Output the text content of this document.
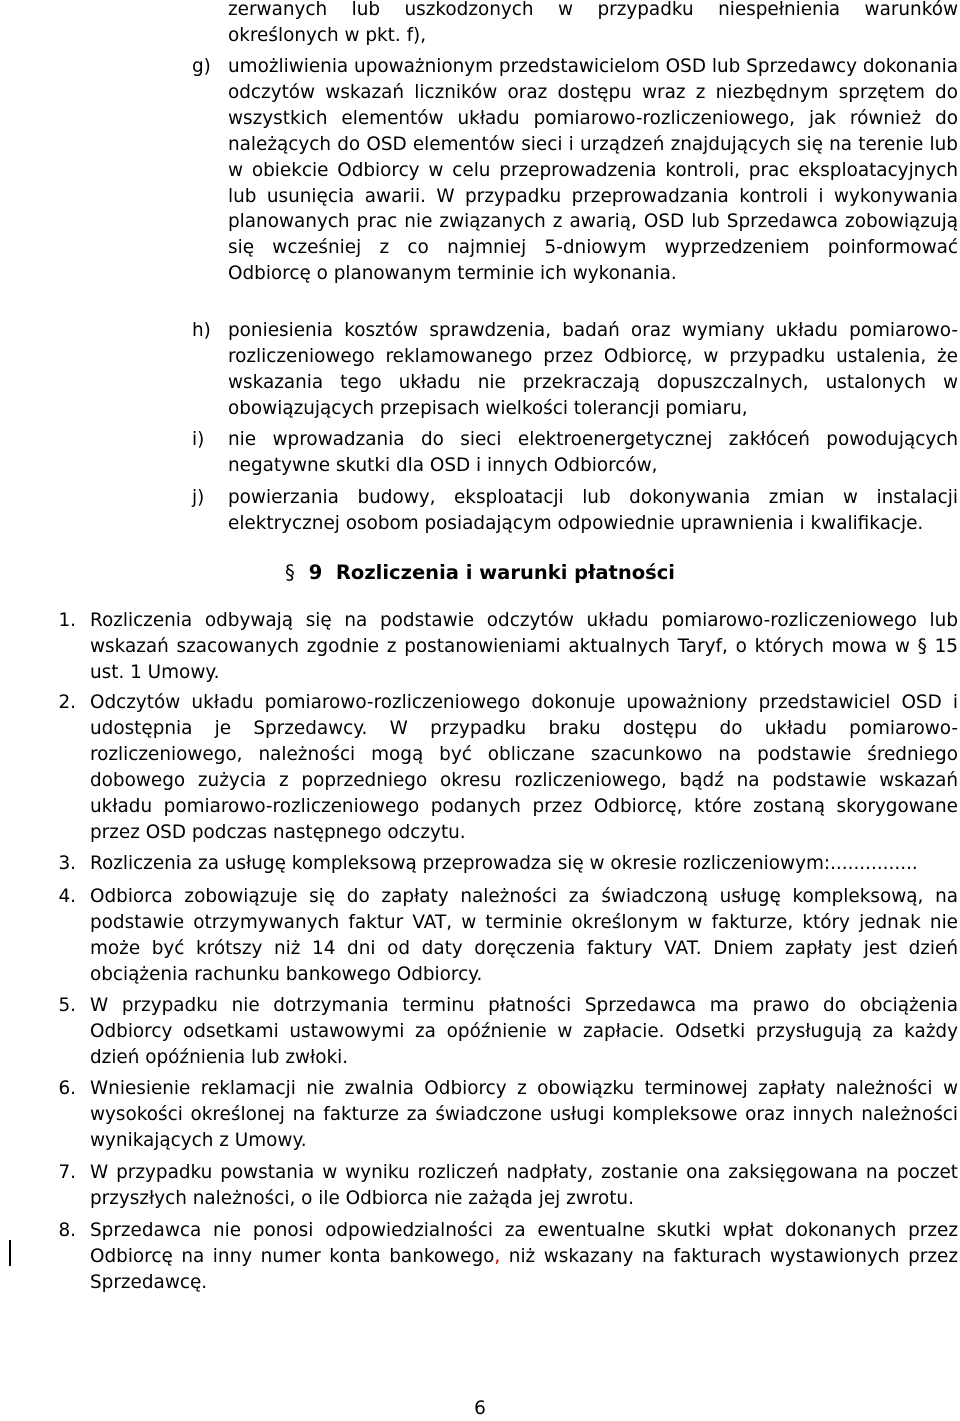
zerwanych lub uszkodzonych w przypadku niespełnienia warunków określonych w pkt. f),

g) umożliwienia upoważnionym przedstawicielom OSD lub Sprzedawcy dokonania odczytów wskazań liczników oraz dostępu wraz z niezbędnym sprzętem do wszystkich elementów układu pomiarowo-rozliczeniowego, jak również do należących do OSD elementów sieci i urządzeń znajdujących się na terenie lub w obiekcie Odbiorcy w celu przeprowadzenia kontroli, prac eksploatacyjnych lub usunięcia awarii. W przypadku przeprowadzania kontroli i wykonywania planowanych prac nie związanych z awarią, OSD lub Sprzedawca zobowiązują się wcześniej z co najmniej 5-dniowym wyprzedzeniem poinformować Odbiorcę o planowanym terminie ich wykonania.

h) poniesienia kosztów sprawdzenia, badań oraz wymiany układu pomiarowo-rozliczeniowego reklamowanego przez Odbiorcę, w przypadku ustalenia, że wskazania tego układu nie przekraczają dopuszczalnych, ustalonych w obowiązujących przepisach wielkości tolerancji pomiaru,

i) nie wprowadzania do sieci elektroenergetycznej zakłóceń powodujących negatywne skutki dla OSD i innych Odbiorców,

j) powierzania budowy, eksploatacji lub dokonywania zmian w instalacji elektrycznej osobom posiadającym odpowiednie uprawnienia i kwalifikacje.

§ 9 Rozliczenia i warunki płatności
1. Rozliczenia odbywają się na podstawie odczytów układu pomiarowo-rozliczeniowego lub wskazań szacowanych zgodnie z postanowieniami aktualnych Taryf, o których mowa w § 15 ust. 1 Umowy.

2. Odczytów układu pomiarowo-rozliczeniowego dokonuje upoważniony przedstawiciel OSD i udostępnia je Sprzedawcy. W przypadku braku dostępu do układu pomiarowo-rozliczeniowego, należności mogą być obliczane szacunkowo na podstawie średniego dobowego zużycia z poprzedniego okresu rozliczeniowego, bądź na podstawie wskazań układu pomiarowo-rozliczeniowego podanych przez Odbiorcę, które zostaną skorygowane przez OSD podczas następnego odczytu.

3. Rozliczenia za usługę kompleksową przeprowadza się w okresie rozliczeniowym:...............

4. Odbiorca zobowiązuje się do zapłaty należności za świadczoną usługę kompleksową, na podstawie otrzymywanych faktur VAT, w terminie określonym w fakturze, który jednak nie może być krótszy niż 14 dni od daty doręczenia faktury VAT. Dniem zapłaty jest dzień obciążenia rachunku bankowego Odbiorcy.

5. W przypadku nie dotrzymania terminu płatności Sprzedawca ma prawo do obciążenia Odbiorcy odsetkami ustawowymi za opóźnienie w zapłacie. Odsetki przysługują za każdy dzień opóźnienia lub zwłoki.

6. Wniesienie reklamacji nie zwalnia Odbiorcy z obowiązku terminowej zapłaty należności w wysokości określonej na fakturze za świadczone usługi kompleksowe oraz innych należności wynikających z Umowy.

7. W przypadku powstania w wyniku rozliczeń nadpłaty, zostanie ona zaksięgowana na poczet przyszłych należności, o ile Odbiorca nie zażąda jej zwrotu.

8. Sprzedawca nie ponosi odpowiedzialności za ewentualne skutki wpłat dokonanych przez Odbiorcę na inny numer konta bankowego, niż wskazany na fakturach wystawionych przez Sprzedawcę.

6
